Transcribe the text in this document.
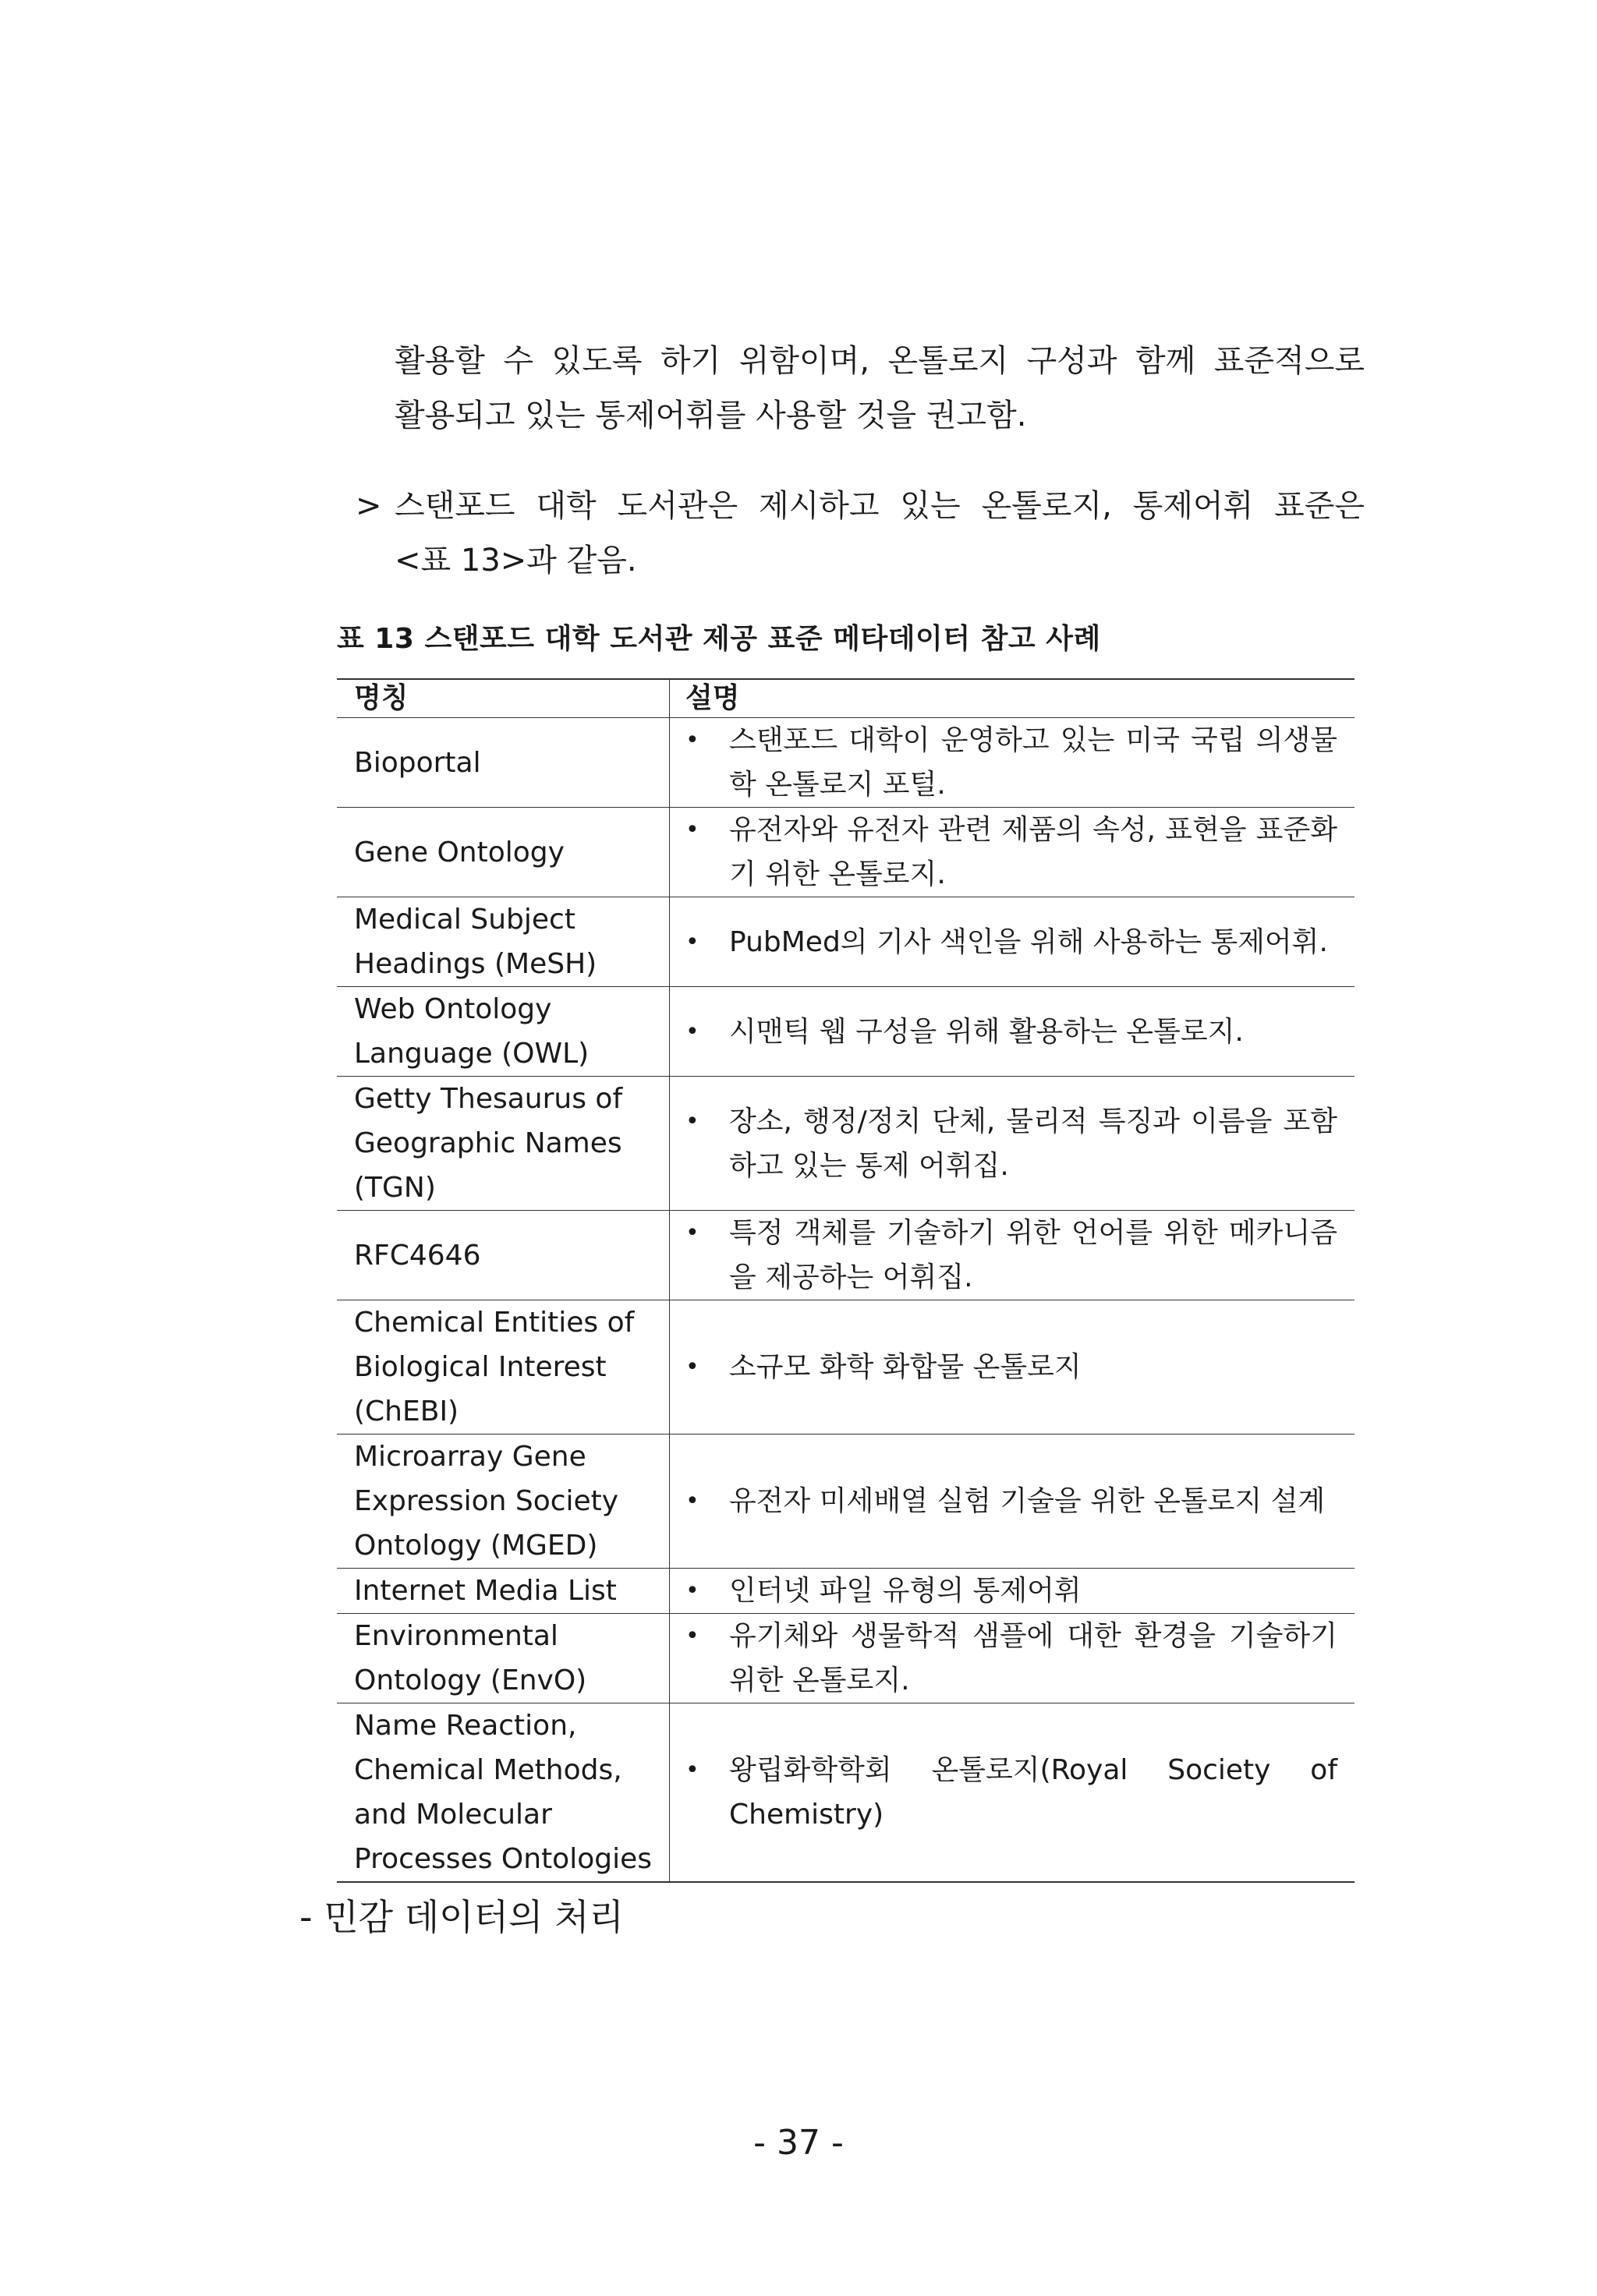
활용할 수 있도록 하기 위함이며, 온톨로지 구성과 함께 표준적으로
활용되고 있는 통제어휘를 사용할 것을 권고함.
> 스탠포드 대학 도서관은 제시하고 있는 온톨로지, 통제어휘 표준은
<표 13>과 같음.
표 13 스탠포드 대학 도서관 제공 표준 메타데이터 참고 사례
명칭	설명
Bioportal	• 스탠포드 대학이 운영하고 있는 미국 국립 의생물학 온톨로지 포털.

Gene Ontology	• 유전자와 유전자 관련 제품의 속성, 표현을 표준화기 위한 온톨로지.

Medical Subject Headings (MeSH)	• PubMed의 기사 색인을 위해 사용하는 통제어휘.

Web Ontology Language (OWL)	• 시맨틱 웹 구성을 위해 활용하는 온톨로지.

Getty Thesaurus of Geographic Names (TGN)	• 장소, 행정/정치 단체, 물리적 특징과 이름을 포함하고 있는 통제 어휘집.

RFC4646	• 특정 객체를 기술하기 위한 언어를 위한 메카니즘을 제공하는 어휘집.

Chemical Entities of Biological Interest (ChEBI)	• 소규모 화학 화합물 온톨로지

Microarray Gene Expression Society Ontology (MGED)	• 유전자 미세배열 실험 기술을 위한 온톨로지 설계

Internet Media List	• 인터넷 파일 유형의 통제어휘

Environmental Ontology (EnvO)	• 유기체와 생물학적 샘플에 대한 환경을 기술하기 위한 온톨로지.

Name Reaction, Chemical Methods, and Molecular Processes Ontologies	• 왕립화학학회 온톨로지(Royal Society of Chemistry)
- 민감 데이터의 처리
- 37 -
